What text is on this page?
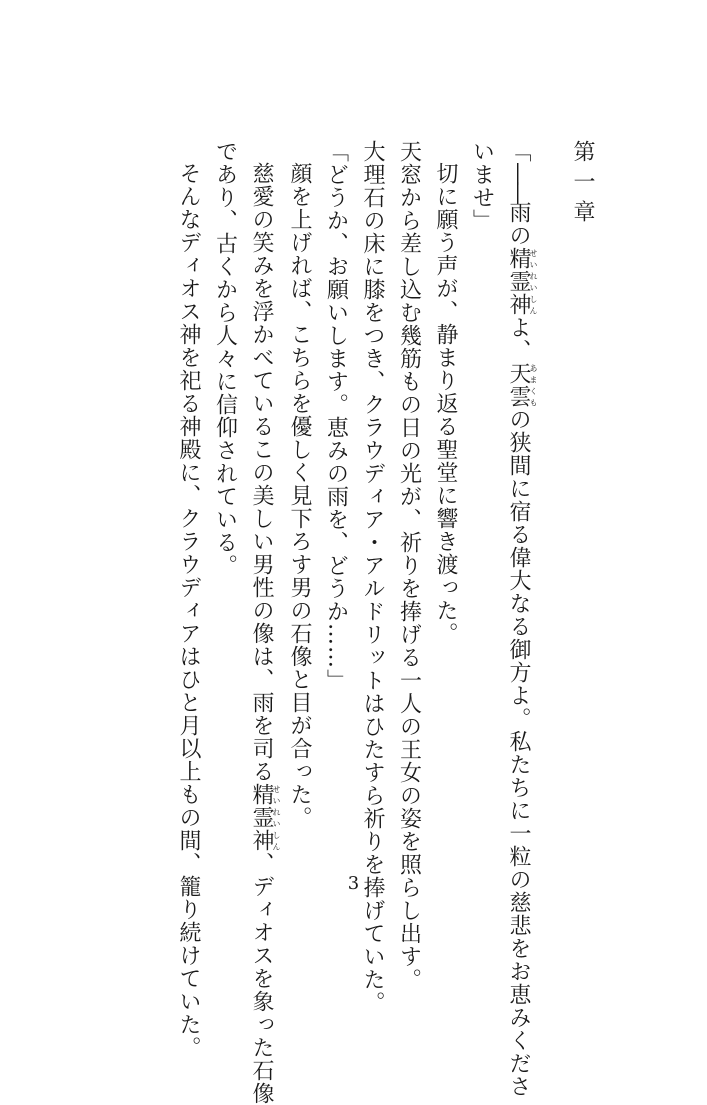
第一章
「――雨の精霊神せいれいしんよ、天雲あまくもの狭間に宿る偉大なる御方よ。私たちに一粒の慈悲をお恵みくださ
いませ」
切に願う声が、静まり返る聖堂に響き渡った。
天窓から差し込む幾筋もの日の光が、祈りを捧げる一人の王女の姿を照らし出す。
大理石の床に膝をつき、クラウディア・アルドリットはひたすら祈りを捧げていた。
「どうか、お願いします。恵みの雨を、どうか……」
顔を上げれば、こちらを優しく見下ろす男の石像と目が合った。
慈愛の笑みを浮かべているこの美しい男性の像は、雨を司る精霊神せいれいしん、ディオスを象った石像
であり、古くから人々に信仰されている。
そんなディオス神を祀る神殿に、クラウディアはひと月以上もの間、籠り続けていた。	3
